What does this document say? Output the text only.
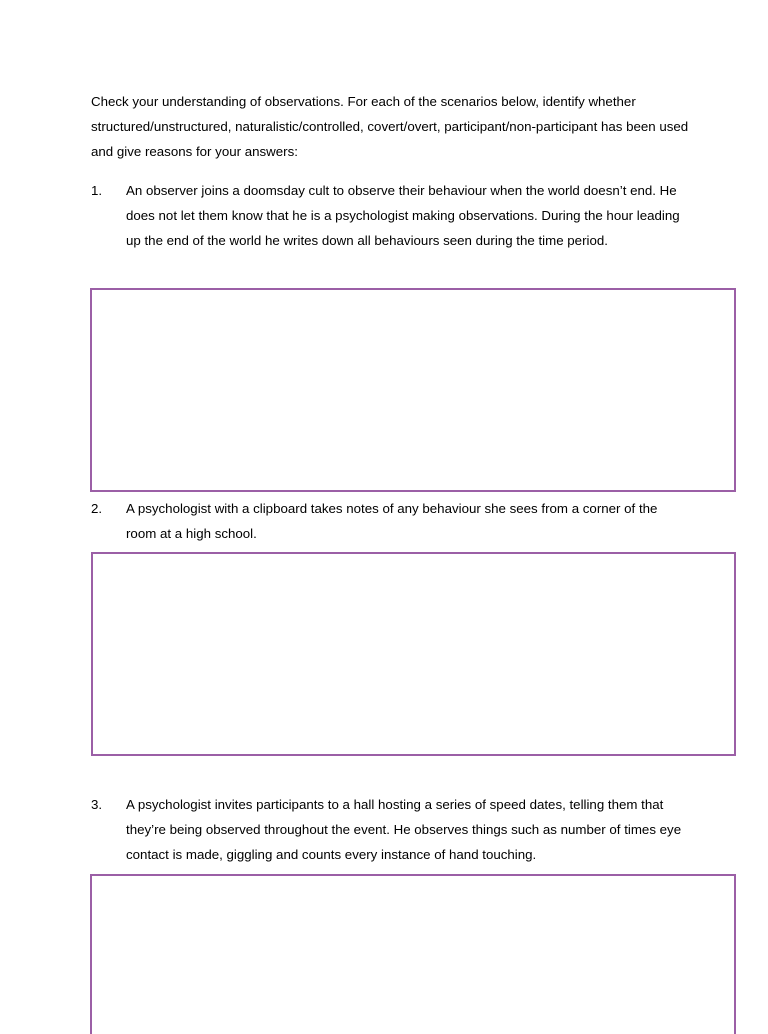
Check your understanding of observations. For each of the scenarios below, identify whether structured/unstructured, naturalistic/controlled, covert/overt, participant/non-participant has been used and give reasons for your answers:

1.	An observer joins a doomsday cult to observe their behaviour when the world doesn’t end. He does not let them know that he is a psychologist making observations. During the hour leading up the end of the world he writes down all behaviours seen during the time period.
2.	A psychologist with a clipboard takes notes of any behaviour she sees from a corner of the room at a high school.
3.	A psychologist invites participants to a hall hosting a series of speed dates, telling them that they’re being observed throughout the event. He observes things such as number of times eye contact is made, giggling and counts every instance of hand touching.
